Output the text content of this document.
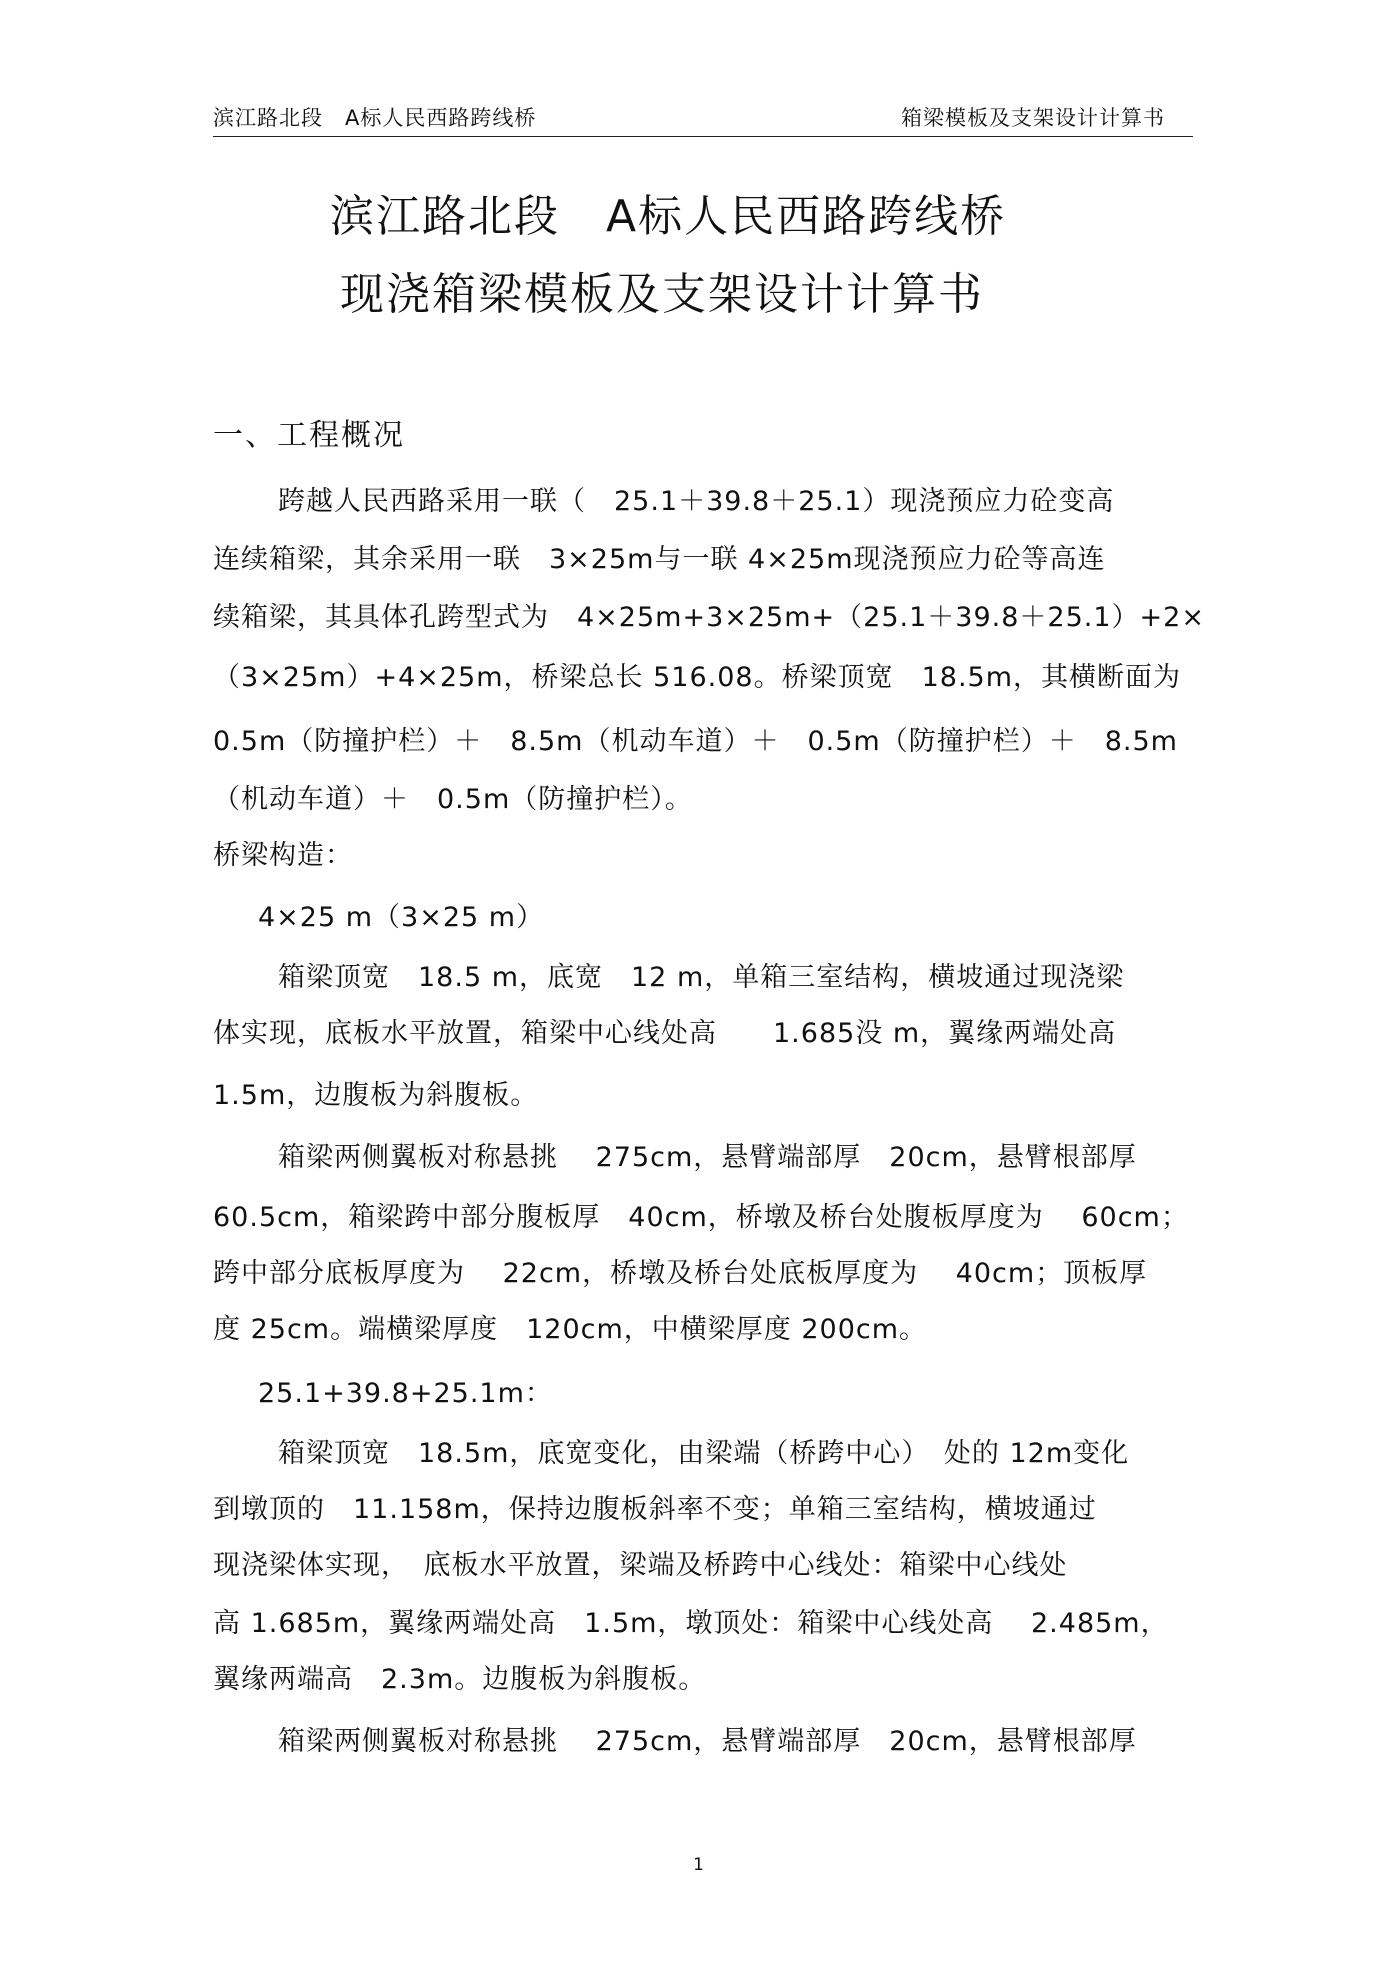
滨江路北段　A标人民西路跨线桥	箱梁模板及支架设计计算书
滨江路北段　A标人民西路跨线桥
现浇箱梁模板及支架设计计算书
一、工程概况
跨越人民西路采用一联（　25.1＋39.8＋25.1）现浇预应力砼变高
连续箱梁，其余采用一联　3×25m与一联 4×25m现浇预应力砼等高连
续箱梁，其具体孔跨型式为　4×25m+3×25m+（25.1＋39.8＋25.1）+2×
（3×25m）+4×25m，桥梁总长 516.08。桥梁顶宽　18.5m，其横断面为
0.5m（防撞护栏）＋　8.5m（机动车道）＋　0.5m（防撞护栏）＋　8.5m
（机动车道）＋　0.5m（防撞护栏）。
桥梁构造：
4×25 m（3×25 m）
箱梁顶宽　18.5 m，底宽　12 m，单箱三室结构，横坡通过现浇梁
体实现，底板水平放置，箱梁中心线处高　　1.685没 m，翼缘两端处高
1.5m，边腹板为斜腹板。
箱梁两侧翼板对称悬挑　 275cm，悬臂端部厚　20cm，悬臂根部厚
60.5cm，箱梁跨中部分腹板厚　40cm，桥墩及桥台处腹板厚度为　 60cm；
跨中部分底板厚度为　 22cm，桥墩及桥台处底板厚度为　 40cm；顶板厚
度 25cm。端横梁厚度　120cm，中横梁厚度 200cm。
25.1+39.8+25.1m：
箱梁顶宽　18.5m，底宽变化，由梁端（桥跨中心）　处的 12m变化
到墩顶的　11.158m，保持边腹板斜率不变；单箱三室结构，横坡通过
现浇梁体实现，　底板水平放置，梁端及桥跨中心线处：箱梁中心线处
高 1.685m，翼缘两端处高　1.5m，墩顶处：箱梁中心线处高　 2.485m，
翼缘两端高　2.3m。边腹板为斜腹板。
箱梁两侧翼板对称悬挑　 275cm，悬臂端部厚　20cm，悬臂根部厚
1
